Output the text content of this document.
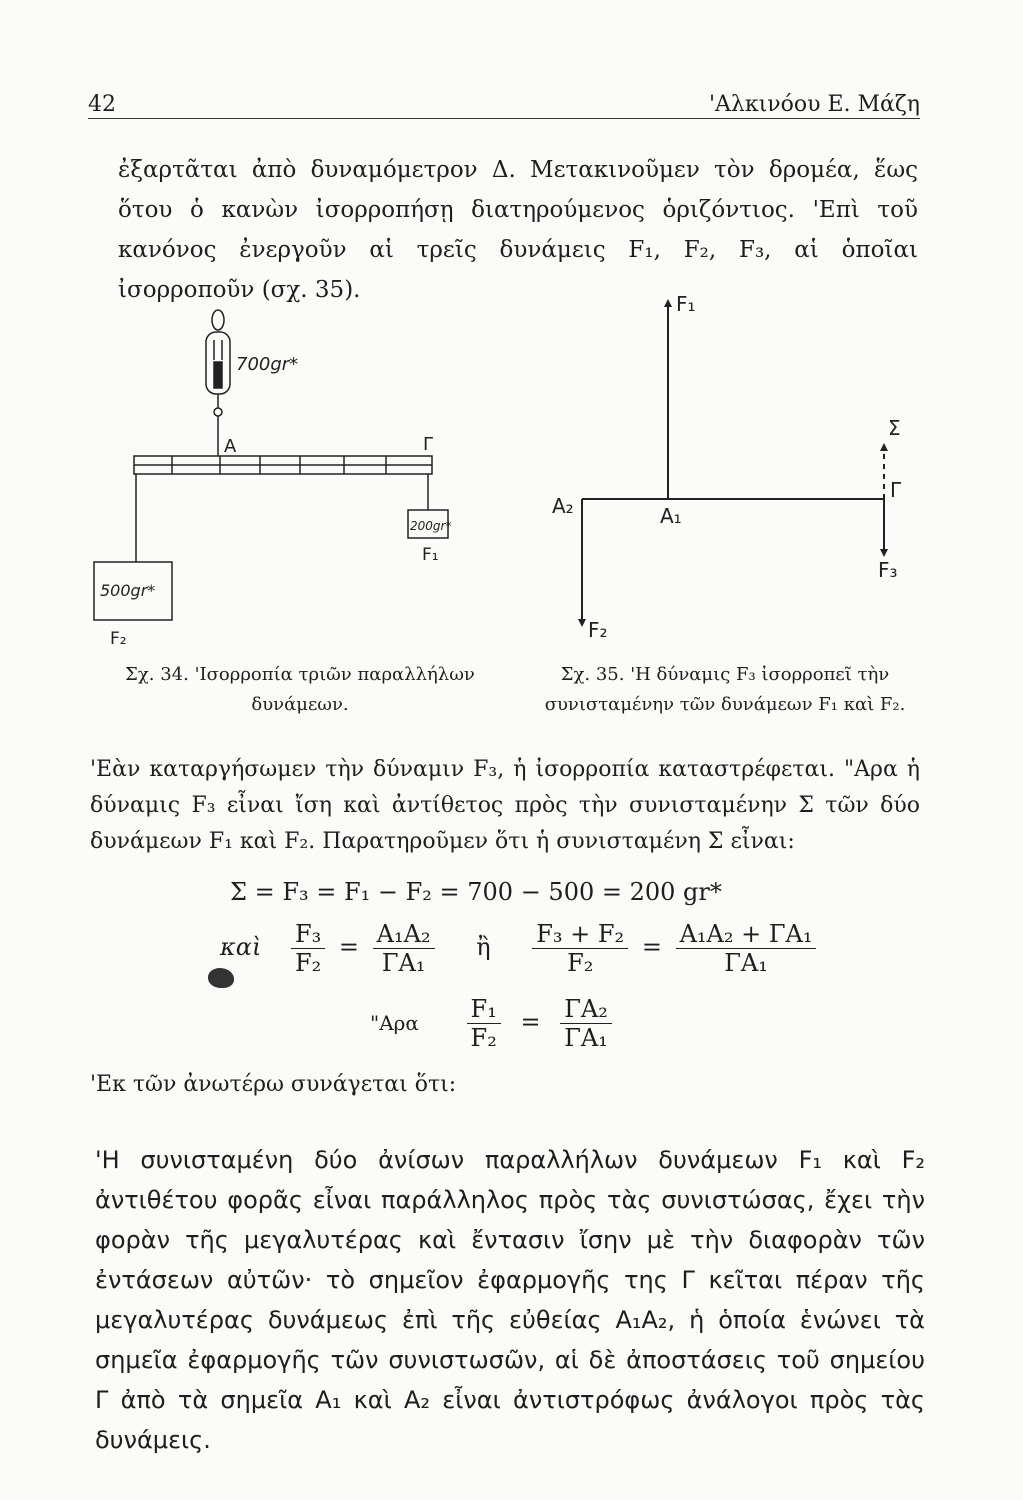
42	'Αλκινόου Ε. Μάζη
ἐξαρτᾶται ἀπὸ δυναμόμετρον Δ. Μετακινοῦμεν τὸν δρομέα, ἕως ὅτου ὁ κανὼν ἰσορροπήσῃ διατηρούμενος ὁριζόντιος. 'Επὶ τοῦ κανόνος ἐνεργοῦν αἱ τρεῖς δυνάμεις F₁, F₂, F₃, αἱ ὁποῖαι ἰσορροποῦν (σχ. 35).
700gr*
Α	Γ
500gr*
F₂
200gr*
F₁
Σχ. 34. 'Ισορροπία τριῶν παραλλήλων
δυνάμεων.
F₁
F₂
F₃
Α₁
Α₂
Γ
Σ
Σχ. 35. 'Η δύναμις F₃ ἰσορροπεῖ τὴν
συνισταμένην τῶν δυνάμεων F₁ καὶ F₂.
'Εὰν καταργήσωμεν τὴν δύναμιν F₃, ἡ ἰσορροπία καταστρέφεται. "Αρα ἡ δύναμις F₃ εἶναι ἴση καὶ ἀντίθετος πρὸς τὴν συνισταμένην Σ τῶν δύο δυνάμεων F₁ καὶ F₂. Παρατηροῦμεν ὅτι ἡ συνισταμένη Σ εἶναι:
Σ = F₃ = F₁ − F₂ = 700 − 500 = 200 gr*
καὶ $\frac{\text{F₃}}{\text{F₂}} = \frac{\text{Α₁Α₂}}{\text{ΓΑ₁}}$ ἢ $\frac{\text{F₃ + F₂}}{\text{F₂}} = \frac{\text{Α₁Α₂ + ΓΑ₁}}{\text{ΓΑ₁}}$
"$A\rho\alpha \frac{\text{F₁}}{\text{F₂}} = \frac{\text{ΓΑ₂}}{\text{ΓΑ₁}}$
'Εκ τῶν ἀνωτέρω συνάγεται ὅτι:
'Η συνισταμένη δύο ἀνίσων παραλλήλων δυνάμεων F₁ καὶ F₂ ἀντιθέτου φορᾶς εἶναι παράλληλος πρὸς τὰς συνιστώσας, ἔχει τὴν φορὰν τῆς μεγαλυτέρας καὶ ἔντασιν ἴσην μὲ τὴν διαφορὰν τῶν ἐντάσεων αὐτῶν· τὸ σημεῖον ἐφαρμογῆς της Γ κεῖται πέραν τῆς μεγαλυτέρας δυνάμεως ἐπὶ τῆς εὐθείας Α₁Α₂, ἡ ὁποία ἑνώνει τὰ σημεῖα ἐφαρμογῆς τῶν συνιστωσῶν, αἱ δὲ ἀποστάσεις τοῦ σημείου Γ ἀπὸ τὰ σημεῖα Α₁ καὶ Α₂ εἶναι ἀντιστρόφως ἀνάλογοι πρὸς τὰς δυνάμεις.
